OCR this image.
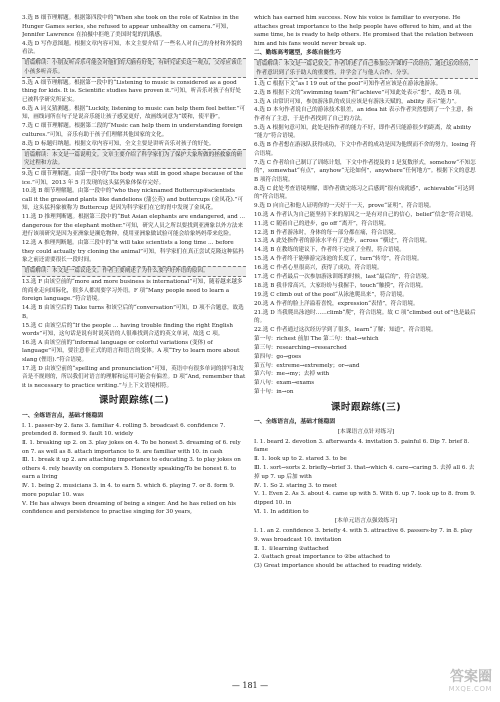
3.选 B 细节理解题。根据第四段中的“When she took on the role of Katniss in the Hunger Games series, she refused to appear unhealthy on camera.”可知，Jennifer Lawrence 在拍摄中拒绝了美国时髦的饥饿感。
4.选 D 写作意图题。根据文章内容可知，本文主要介绍了一些名人对自己的身材和外貌的看法。
语篇解读：小朋友听音乐可能会对他们的大脑有好处，有研究证实这一观点，父母应该让小孩多听音乐。
5.选 A 细节理解题。根据第一段中的“Listening to music is considered as a good thing for kids. It is. Scientific studies have proven it.”可知，听音乐对孩子有好处已被科学研究所证实。
6.选 A 词义猜测题。根据“Luckily, listening to music can help them feel better.”可知，画线词所在句子是说音乐能让孩子感觉更好，故画线词意为“缓和，使平静”。
7.选 C 细节理解题。根据第二段的“Music can help them in understanding foreign cultures.”可知，音乐有助于孩子们理解其他国家的文化。
8.选 D 标题归纳题。根据文章内容可知，全文主要是讲听音乐对孩子的好处。
语篇解读：本文是一篇说明文。文章主要介绍了科学家们为了保护大象所做的拯救象的研究过程和方法。
9.选 C 细节理解题。由第一段中的“Its body was still in good shape because of the ice.”可知，2013 年 5 月发现的这头猛犸象体保存完好。
10.选 B 细节理解题。由第一段中的“who they nicknamed Buttercup④scientists call it the grassland plants like dandelions (蒲公英) and buttercups (金凤花).”可知，这头猛犸象被称为 Buttercup 是因为科学家们在它的胃中发现了金凤花。
11.选 D 推理判断题。根据第三段中的“But Asian elephants are endangered, and … dangerous for the elephant mother.”可知，研究人员之所以要找到亚洲象以外方法来进行该项研究是因为亚洲象是濒危物种，使用亚洲象做试验可能会给象妈妈带来危险。
12.选 A 推理判断题。由第三段中的“it will take scientists a long time … before they could actually try cloning the animal”可知，科学家们在真正尝试克隆这种猛犸象之前还需要很长一段时间。
语篇解读：本文是一篇议论文。作者主要阐述了为什么要学好外语的原因。
13.选 F 由该空前的“more and more business is international”可知，随着越来越多的商业走向国际化，很多人都需要学习外语。F 项“Many people need to learn a foreign language.”符合语境。
14.选 B 由该空后的 Take turns 和该空后的“conversation”可知，D 项不合题意，故选 B。
15.选 C 由该空后的“If the people … having trouble finding the right English words”可知，这句话是说有时说英语的人很难找到合适的英文单词，故选 C 项。
16.选 A 由该空前的“informal language or colorful variations (变体) of language”可知，要注意非正式的语言和语言的变体。A 项“Try to learn more about slang (俚语).”符合语境。
17.选 D 由该空前的“spelling and pronunciation”可知，英语中有很多单词的拼写和发音是不规则的，所以我们对语言的理解和运用可能会有偏差。D 项“And, remember that it is necessary to practice writing.”与上下文语境相符。
课时跟踪练(二)
一、全练语言点，基础才能稳固
Ⅰ. 1. passer-by 2. fans 3. familiar 4. rolling 5. broadcast 6. confidence 7. pretended 8. formed 9. fault 10. widely
Ⅱ. 1. breaking up 2. on 3. play jokes on 4. To be honest 5. dreaming of 6. rely on 7. as well as 8. attach importance to 9. are familiar with 10. in cash
Ⅲ. 1. break it up 2. are attaching importance to educating 3. to play jokes on others 4. rely heavily on computers 5. Honestly speaking/To be honest 6. to earn a living
Ⅳ. 1. being 2. musicians 3. in 4. to earn 5. which 6. playing 7. or 8. form 9. more popular 10. was
Ⅴ. He has always been dreaming of being a singer. And he has relied on his confidence and persistence to practise singing for 30 years,
which has earned him success. Now his voice is familiar to everyone. He attaches great importance to the help people have offered to him, and at the same time, he is ready to help others. He promised that the relation between him and his fans would never break up.
二、勤练高考题型，多练自能生巧
语篇解读：本文是一篇记叙文。作者讲述了自己参加公开课的一次经历，通过这次经历，作者意识到了乐于助人的重要性，并学会了与他人合作、分享。
1.选 C 根据下文“as I 19 out of the pool”可知作者应该是在游泳池游泳。
2.选 B 根据下文的“swimming team”和“achieve”可知此处表示“想”，故选 B 项。
3.选 A 由常识可知，参加游泳队的成员应该是有游泳天赋的，ability 表示“能力”。
4.选 D 本句作者说自己的游泳技术很差，an idea hit 表示作者突然想到了一个主意，指作者有了主意，于是作者找到了自己的方法。
5.选 A 根据句意可知，此处是指作者的能力不好，即作者只能游很少的距离，故 ability “能力”符合语境。
6.选 B 作者想在游泳队获得成功，下文中作者的成功是因为他锲而不舍的努力，losing 符合语境。
7.选 C 作者给自己制订了训练计划，下文中作者提及的 I 是复数形式，somehow“不知怎的”，somewhat“有点”，anyhow“无论如何”，anywhere“任何地方”。根据下文的意思 B 项符合语境。
8.选 C 此处考查语境理解，即作者做完练习之后感到“很有成就感”，achievable“可达到的”符合语境。
9.选 D 向自己和他人证明你的一天好于一天，prove“证明”，符合语境。
10.选 A 作者认为自己能坚持下来的原因之一是有对自己的信心，belief“信念”符合语境。
11.选 C 随着自己的进步，go off “离开”，符合语境。
12.选 B 作者游泳时，身体的每一部分都在痛，符合语境。
13.选 A 此处指作者的游泳水平有了进步，across “横过”，符合语境。
14.选 B 在教练的建议下，作者终于完成了全程，符合语境。
15.选 A 作者终于能够游完泳池的长度了，turn“转弯”，符合语境。
16.选 C 作者心里很高兴，获得了成功，符合语境。
17.选 C 作者最后一次参加游泳训练的时候，last“最后的”，符合语境。
18.选 B 我非常高兴，大家纷纷与我握手，touch“触摸”，符合语境。
19.选 C climb out of the pool“从泳池爬出来”，符合语境。
20.选 A 作者的脸上洋溢着喜悦，expression“表情”，符合语境。
21.选 D 当我爬出泳池时……climb“爬”，符合语境。故 C 项“climbed out of”也是最后的。
22.选 C 作者通过这次经历学到了很多，learn“了解；知道”，符合语境。
第一句：richest 前加 The 第二句：that→which
第三句：researching→researched
第四句：go→goes
第五句：extreme→extremely；or→and
第六句：me→my；去掉 with
第八句：exam→exams
第十句：in→on
课时跟踪练(三)
一、全练语言点，基础才能稳固
[本课语言点针对练习]
Ⅰ. 1. beard 2. devotion 3. afterwards 4. invitation 5. painful 6. Dip 7. brief 8. fame
Ⅱ. 1. look up to 2. stared 3. to be
Ⅲ. 1. sort→sorts 2. briefly→brief 3. that→which 4. care→caring 5. 去掉 all 6. 去掉 up 7. up 后加 with
Ⅳ. 1. So 2. staring 3. to meet
Ⅴ. 1. Even 2. As 3. about 4. came up with 5. With 6. up 7. look up to 8. from 9. dipped 10. in
Ⅵ. 1. In addition to
[本单元语言点强效练习]
Ⅰ. 1. an 2. confidence 3. briefly 4. with 5. attractive 6. passers-by 7. in 8. play 9. was broadcast 10. invitation
Ⅱ. 1. ①learning ②attached
2. ①attach great importance to ②be attached to
(3) Great importance should be attached to reading widely.
— 181 —
答案圈
MXQE.COM
